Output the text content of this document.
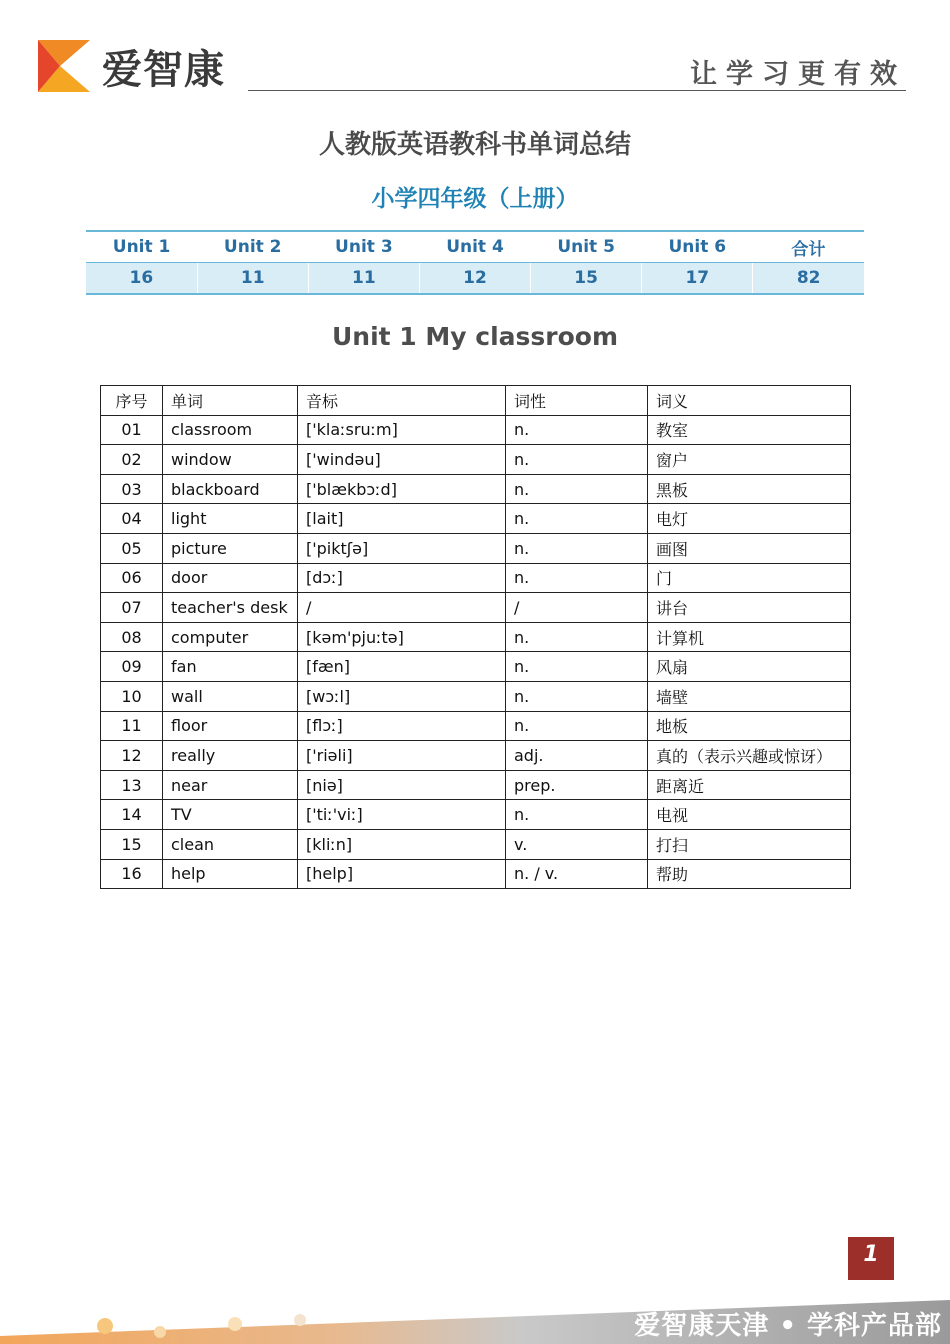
爱智康	让学习更有效
人教版英语教科书单词总结
小学四年级（上册）
Unit 1	Unit 2	Unit 3	Unit 4	Unit 5	Unit 6	合计
16	11	11	12	15	17	82
Unit 1 My classroom
序号	单词	音标	词性	词义
01	classroom	['klaːsruːm]	n.	教室
02	window	['windəu]	n.	窗户
03	blackboard	['blækbɔːd]	n.	黑板
04	light	[lait]	n.	电灯
05	picture	['piktʃə]	n.	画图
06	door	[dɔː]	n.	门
07	teacher's desk	/	/	讲台
08	computer	[kəm'pjuːtə]	n.	计算机
09	fan	[fæn]	n.	风扇
10	wall	[wɔːl]	n.	墙壁
11	floor	[flɔː]	n.	地板
12	really	['riəli]	adj.	真的（表示兴趣或惊讶）
13	near	[niə]	prep.	距离近
14	TV	['tiː'viː]	n.	电视
15	clean	[kliːn]	v.	打扫
16	help	[help]	n. / v.	帮助
1
爱智康天津 • 学科产品部
